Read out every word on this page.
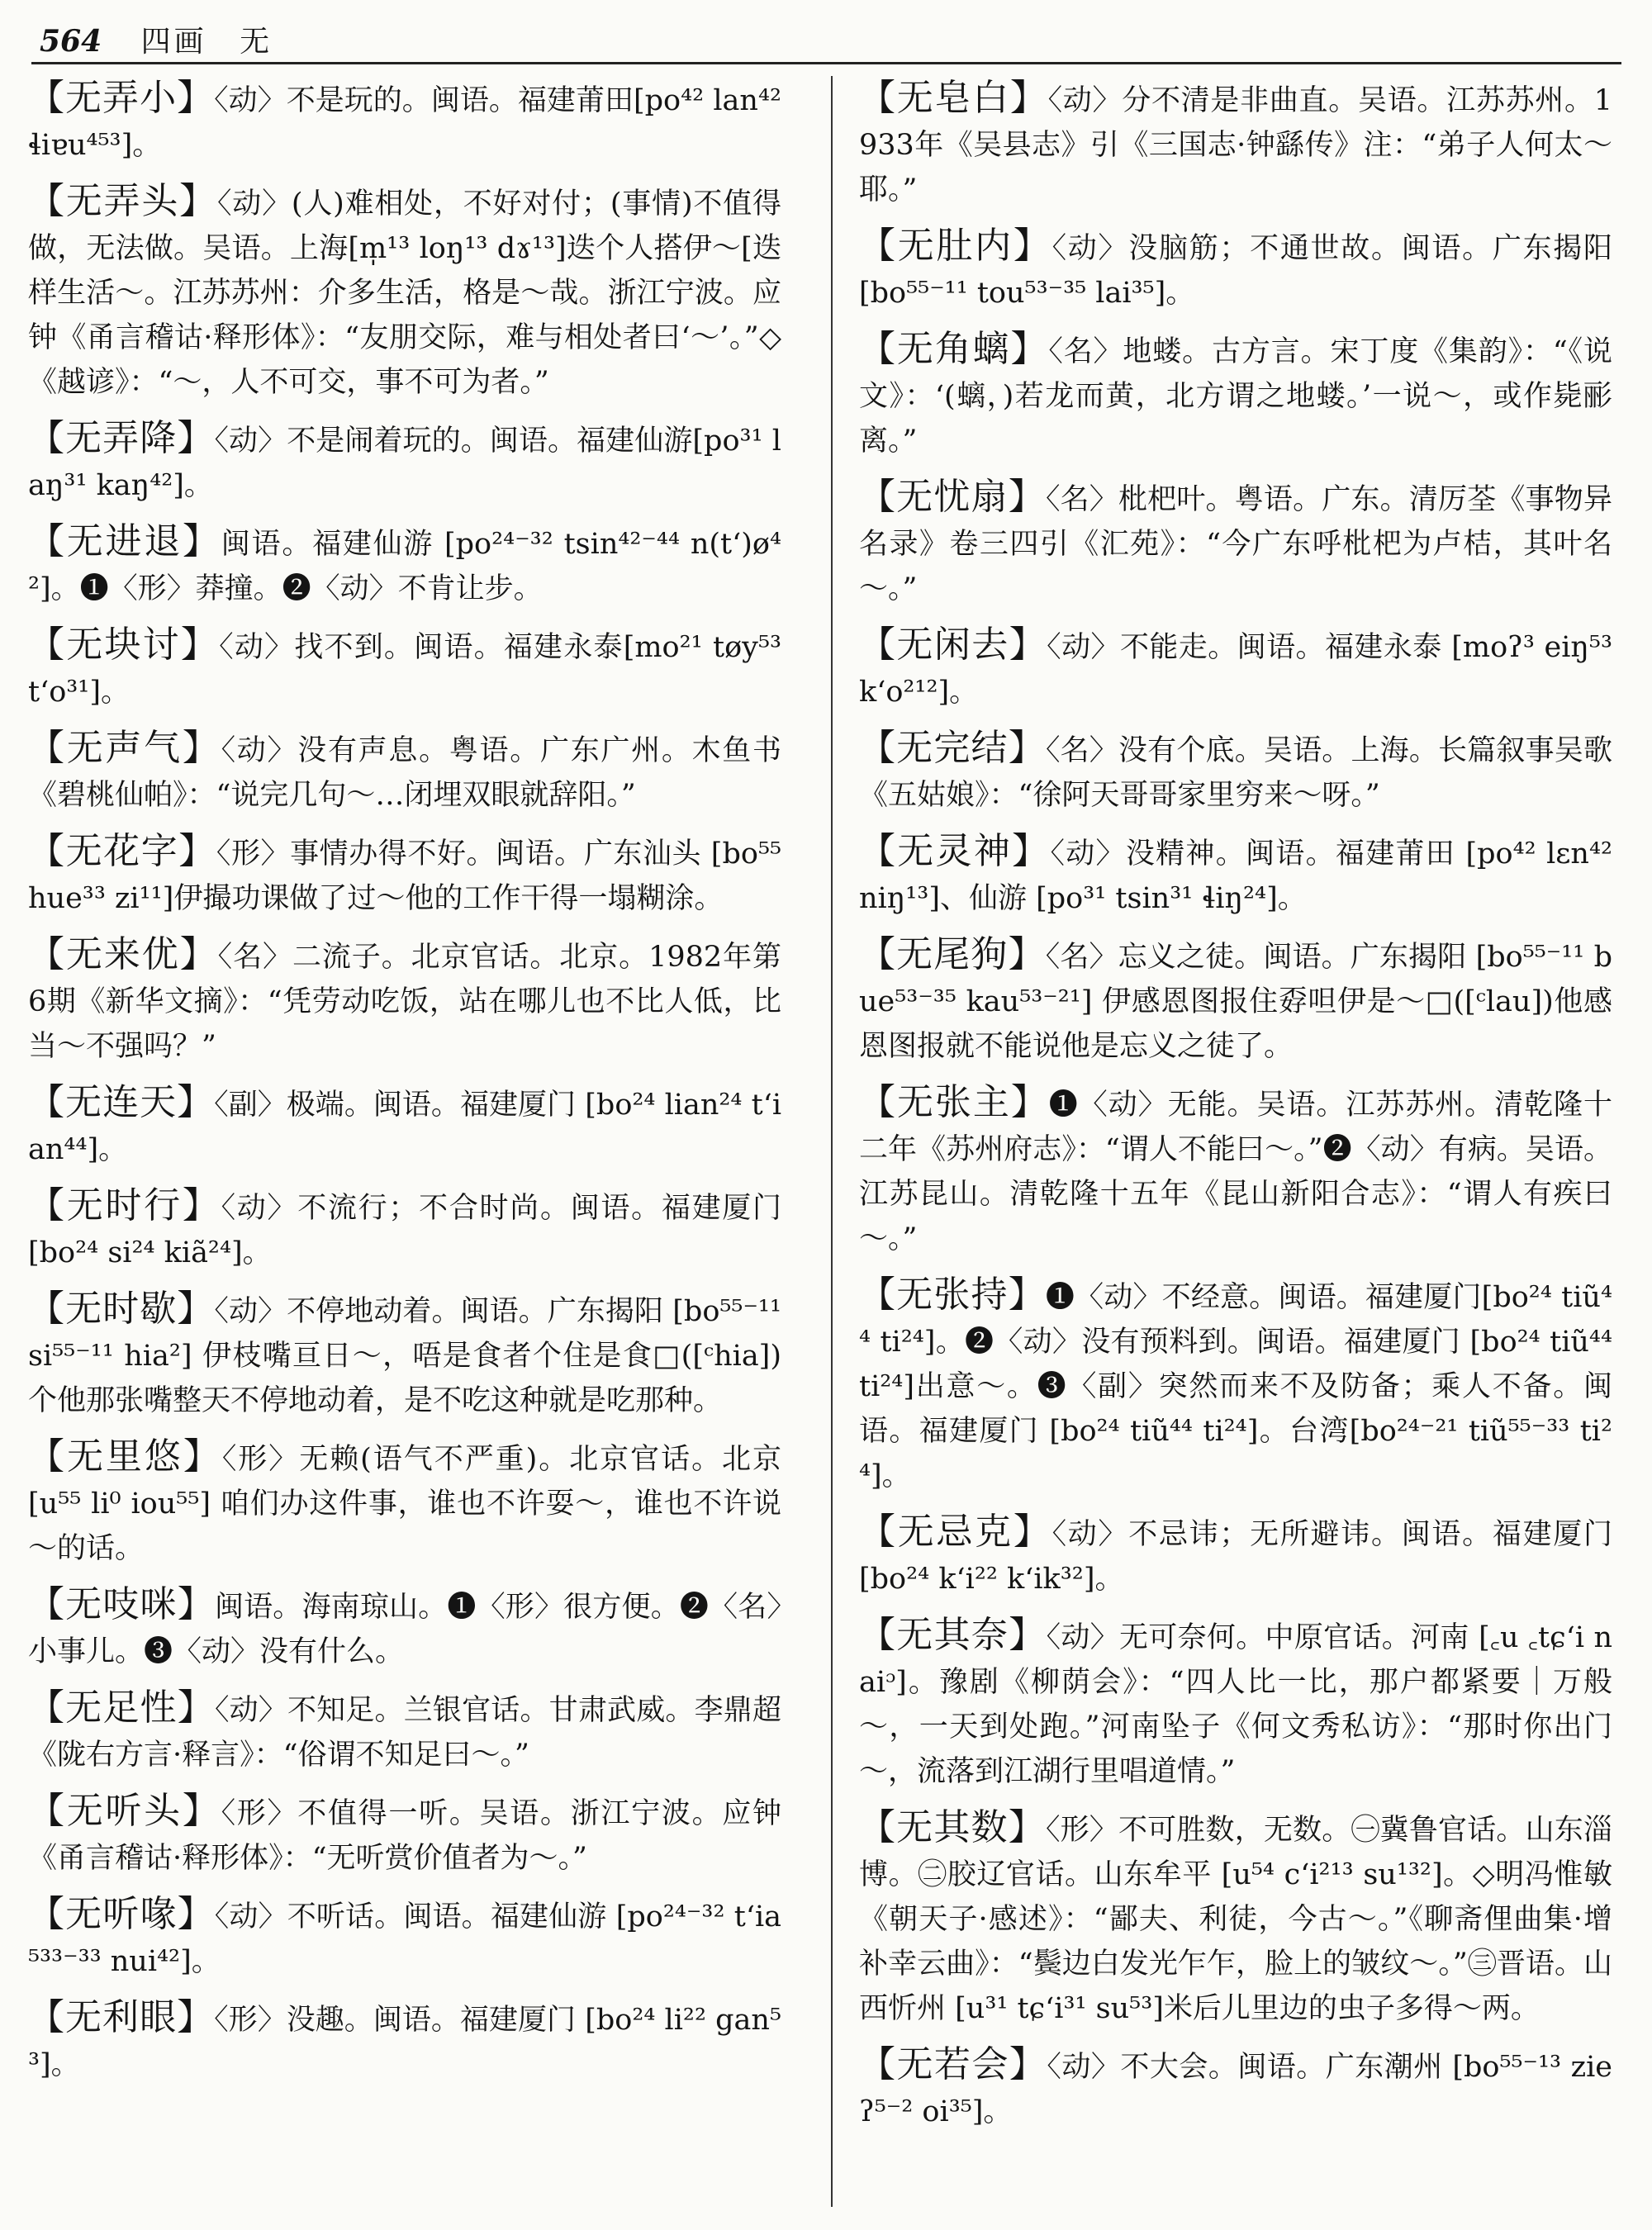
564 四画 无
【无弄小】〈动〉不是玩的。闽语。福建莆田[po⁴² lan⁴² ɬiɐu⁴⁵³]。
【无弄头】〈动〉(人)难相处，不好对付；(事情)不值得做，无法做。吴语。上海[m̩¹³ loŋ¹³ dɤ¹³]迭个人搭伊～[迭样生活～。江苏苏州：介多生活，格是～哉。浙江宁波。应钟《甬言稽诂·释形体》：“友朋交际，难与相处者曰‘～’。”◇《越谚》：“～，人不可交，事不可为者。”
【无弄降】〈动〉不是闹着玩的。闽语。福建仙游[po³¹ laŋ³¹ kaŋ⁴²]。
【无进退】闽语。福建仙游 [po²⁴⁻³² tsin⁴²⁻⁴⁴ n(t‘)ø⁴²]。❶〈形〉莽撞。❷〈动〉不肯让步。
【无块讨】〈动〉找不到。闽语。福建永泰[mo²¹ tøy⁵³ t‘o³¹]。
【无声气】〈动〉没有声息。粤语。广东广州。木鱼书《碧桃仙帕》：“说完几句～…闭埋双眼就辞阳。”
【无花字】〈形〉事情办得不好。闽语。广东汕头 [bo⁵⁵ hue³³ zi¹¹]伊撮功课做了过～他的工作干得一塌糊涂。
【无来优】〈名〉二流子。北京官话。北京。1982年第6期《新华文摘》：“凭劳动吃饭，站在哪儿也不比人低，比当～不强吗？”
【无连天】〈副〉极端。闽语。福建厦门 [bo²⁴ lian²⁴ t‘ian⁴⁴]。
【无时行】〈动〉不流行；不合时尚。闽语。福建厦门 [bo²⁴ si²⁴ kiã²⁴]。
【无时歇】〈动〉不停地动着。闽语。广东揭阳 [bo⁵⁵⁻¹¹ si⁵⁵⁻¹¹ hia²] 伊枝嘴亘日～，唔是食者个住是食□([ᶜhia])个他那张嘴整天不停地动着，是不吃这种就是吃那种。
【无里悠】〈形〉无赖(语气不严重)。北京官话。北京 [u⁵⁵ li⁰ iou⁵⁵] 咱们办这件事，谁也不许耍～，谁也不许说～的话。
【无吱咪】闽语。海南琼山。❶〈形〉很方便。❷〈名〉小事儿。❸〈动〉没有什么。
【无足性】〈动〉不知足。兰银官话。甘肃武威。李鼎超《陇右方言·释言》：“俗谓不知足曰～。”
【无听头】〈形〉不值得一听。吴语。浙江宁波。应钟《甬言稽诂·释形体》：“无听赏价值者为～。”
【无听喙】〈动〉不听话。闽语。福建仙游 [po²⁴⁻³² t‘ia⁵³³⁻³³ nui⁴²]。
【无利眼】〈形〉没趣。闽语。福建厦门 [bo²⁴ li²² gan⁵³]。
【无皂白】〈动〉分不清是非曲直。吴语。江苏苏州。1933年《吴县志》引《三国志·钟繇传》注：“弟子人何太～耶。”
【无肚内】〈动〉没脑筋；不通世故。闽语。广东揭阳 [bo⁵⁵⁻¹¹ tou⁵³⁻³⁵ lai³⁵]。
【无角螭】〈名〉地蝼。古方言。宋丁度《集韵》：“《说文》：‘(螭，)若龙而黄，北方谓之地蝼。’一说～，或作毙彨离。”
【无忧扇】〈名〉枇杷叶。粤语。广东。清厉荃《事物异名录》卷三四引《汇苑》：“今广东呼枇杷为卢桔，其叶名～。”
【无闲去】〈动〉不能走。闽语。福建永泰 [moʔ³ eiŋ⁵³ k‘o²¹²]。
【无完结】〈名〉没有个底。吴语。上海。长篇叙事吴歌《五姑娘》：“徐阿天哥哥家里穷来～呀。”
【无灵神】〈动〉没精神。闽语。福建莆田 [po⁴² lɛn⁴² niŋ¹³]、仙游 [po³¹ tsin³¹ ɬiŋ²⁴]。
【无尾狗】〈名〉忘义之徒。闽语。广东揭阳 [bo⁵⁵⁻¹¹ bue⁵³⁻³⁵ kau⁵³⁻²¹] 伊感恩图报住孬呾伊是～□([ᶜlau])他感恩图报就不能说他是忘义之徒了。
【无张主】❶〈动〉无能。吴语。江苏苏州。清乾隆十二年《苏州府志》：“谓人不能曰～。”❷〈动〉有病。吴语。江苏昆山。清乾隆十五年《昆山新阳合志》：“谓人有疾曰～。”
【无张持】❶〈动〉不经意。闽语。福建厦门[bo²⁴ tiũ⁴⁴ ti²⁴]。❷〈动〉没有预料到。闽语。福建厦门 [bo²⁴ tiũ⁴⁴ ti²⁴]出意～。❸〈副〉突然而来不及防备；乘人不备。闽语。福建厦门 [bo²⁴ tiũ⁴⁴ ti²⁴]。台湾[bo²⁴⁻²¹ tiũ⁵⁵⁻³³ ti²⁴]。
【无忌克】〈动〉不忌讳；无所避讳。闽语。福建厦门 [bo²⁴ k‘i²² k‘ik³²]。
【无其奈】〈动〉无可奈何。中原官话。河南 [꜀u ꜀tɕ‘i naiᵓ]。豫剧《柳荫会》：“四人比一比，那户都紧要｜万般～，一天到处跑。”河南坠子《何文秀私访》：“那时你出门～，流落到江湖行里唱道情。”
【无其数】〈形〉不可胜数，无数。㊀冀鲁官话。山东淄博。㊁胶辽官话。山东牟平 [u⁵⁴ c‘i²¹³ su¹³²]。◇明冯惟敏《朝天子·感述》：“鄙夫、利徒，今古～。”《聊斋俚曲集·增补幸云曲》：“鬓边白发光乍乍，脸上的皱纹～。”㊂晋语。山西忻州 [u³¹ tɕ‘i³¹ su⁵³]米后儿里边的虫子多得～两。
【无若会】〈动〉不大会。闽语。广东潮州 [bo⁵⁵⁻¹³ zieʔ⁵⁻² oi³⁵]。
